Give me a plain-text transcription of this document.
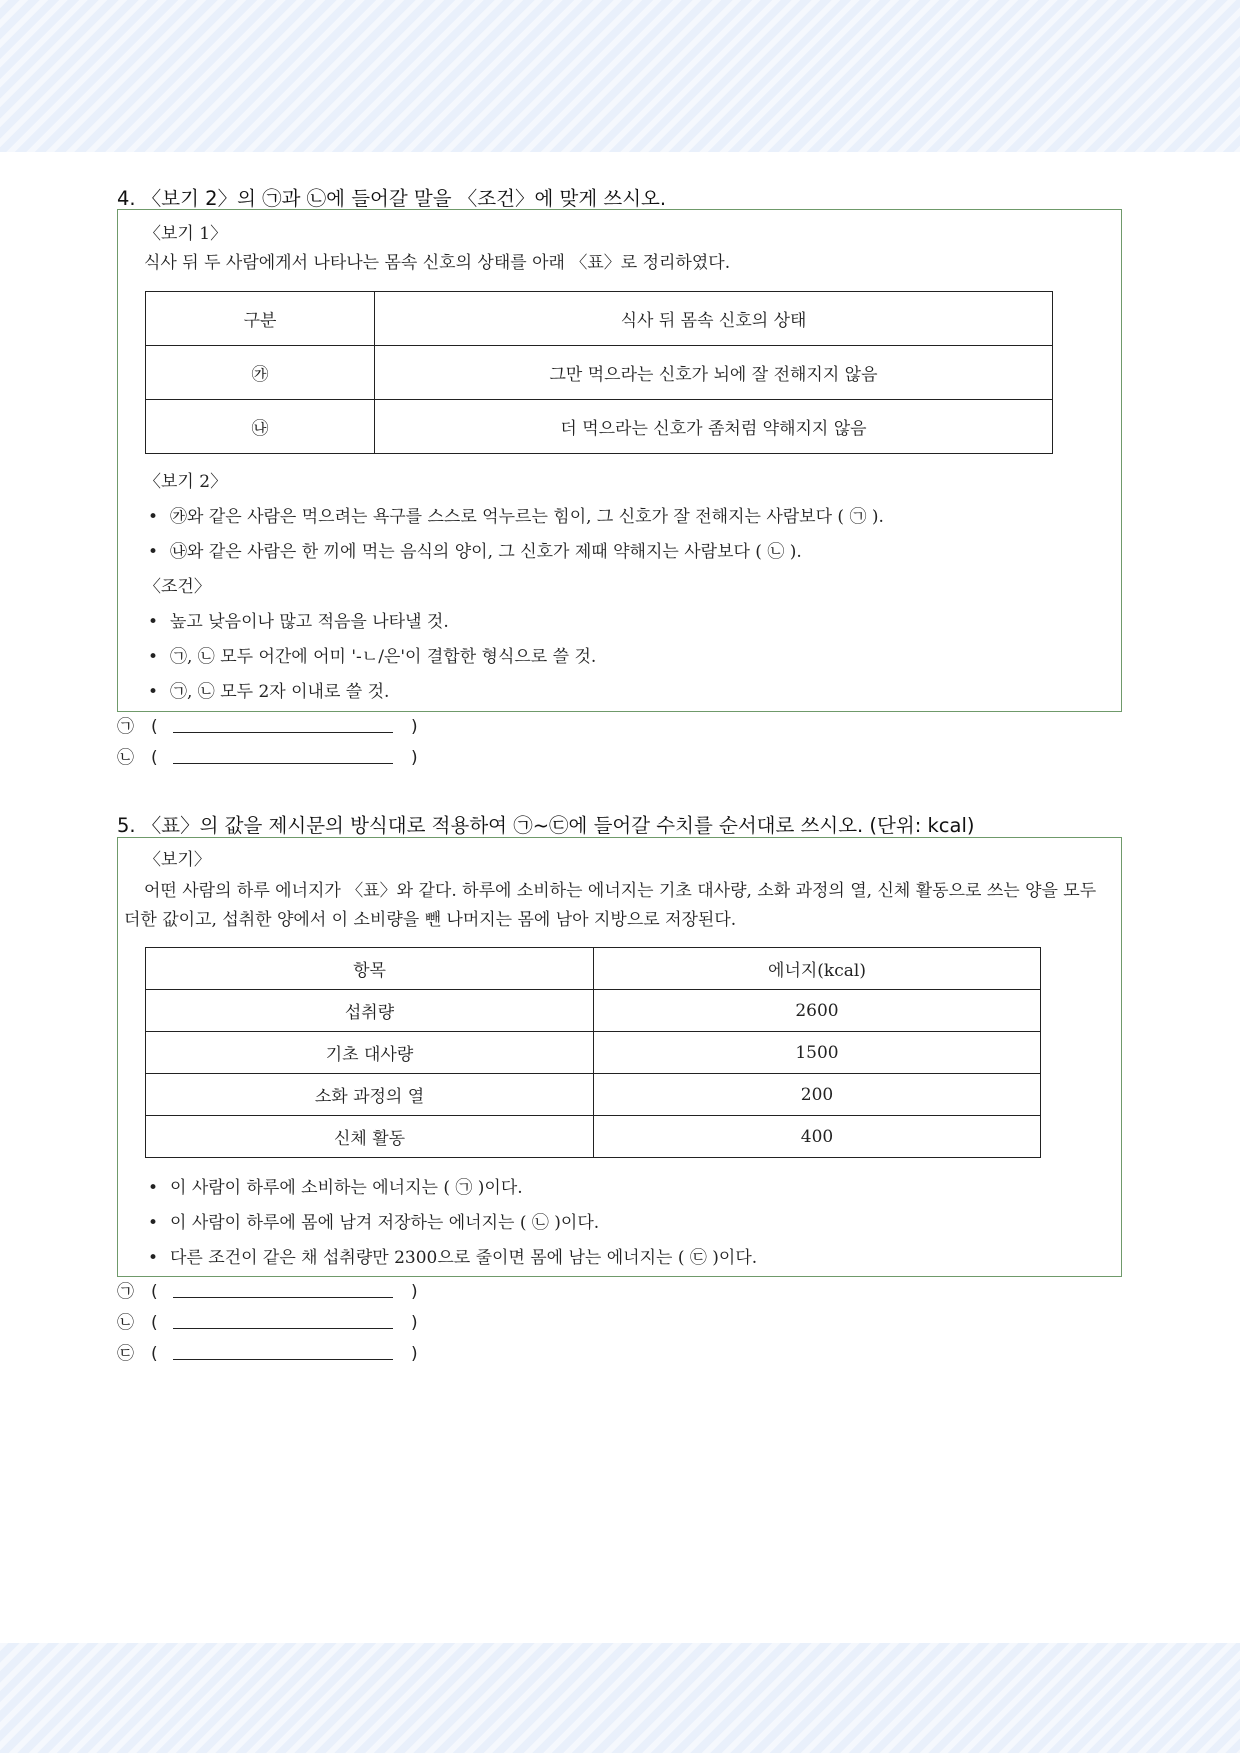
4. 〈보기 2〉의 ㉠과 ㉡에 들어갈 말을 〈조건〉에 맞게 쓰시오.
〈보기 1〉
식사 뒤 두 사람에게서 나타나는 몸속 신호의 상태를 아래 〈표〉로 정리하였다.
구분	식사 뒤 몸속 신호의 상태
㉮	그만 먹으라는 신호가 뇌에 잘 전해지지 않음
㉯	더 먹으라는 신호가 좀처럼 약해지지 않음
〈보기 2〉
• ㉮와 같은 사람은 먹으려는 욕구를 스스로 억누르는 힘이, 그 신호가 잘 전해지는 사람보다 ( ㉠ ).
• ㉯와 같은 사람은 한 끼에 먹는 음식의 양이, 그 신호가 제때 약해지는 사람보다 ( ㉡ ).
〈조건〉
• 높고 낮음이나 많고 적음을 나타낼 것.
• ㉠, ㉡ 모두 어간에 어미 '-ㄴ/은'이 결합한 형식으로 쓸 것.
• ㉠, ㉡ 모두 2자 이내로 쓸 것.
㉠ (	)
㉡ (	)
5. 〈표〉의 값을 제시문의 방식대로 적용하여 ㉠~㉢에 들어갈 수치를 순서대로 쓰시오. (단위: kcal)
〈보기〉
어떤 사람의 하루 에너지가 〈표〉와 같다. 하루에 소비하는 에너지는 기초 대사량, 소화 과정의 열, 신체 활동으로 쓰는 양을 모두
더한 값이고, 섭취한 양에서 이 소비량을 뺀 나머지는 몸에 남아 지방으로 저장된다.
항목	에너지(kcal)
섭취량	2600
기초 대사량	1500
소화 과정의 열	200
신체 활동	400
• 이 사람이 하루에 소비하는 에너지는 ( ㉠ )이다.
• 이 사람이 하루에 몸에 남겨 저장하는 에너지는 ( ㉡ )이다.
• 다른 조건이 같은 채 섭취량만 2300으로 줄이면 몸에 남는 에너지는 ( ㉢ )이다.
㉠ (	)
㉡ (	)
㉢ (	)
